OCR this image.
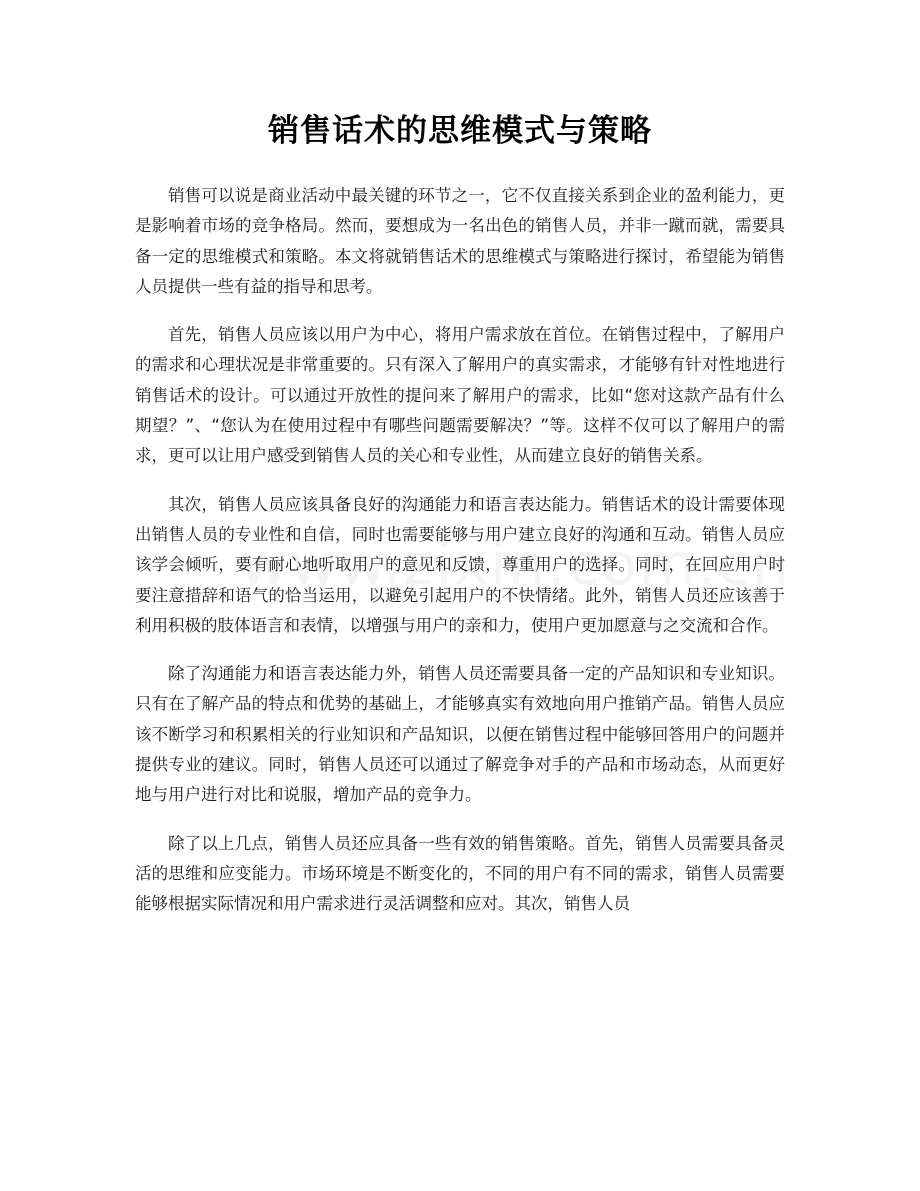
销售话术的思维模式与策略

销售可以说是商业活动中最关键的环节之一，它不仅直接关系到企业的盈利能力，更是影响着市场的竞争格局。然而，要想成为一名出色的销售人员，并非一蹴而就，需要具备一定的思维模式和策略。本文将就销售话术的思维模式与策略进行探讨，希望能为销售人员提供一些有益的指导和思考。

首先，销售人员应该以用户为中心，将用户需求放在首位。在销售过程中，了解用户的需求和心理状况是非常重要的。只有深入了解用户的真实需求，才能够有针对性地进行销售话术的设计。可以通过开放性的提问来了解用户的需求，比如“您对这款产品有什么期望？”、“您认为在使用过程中有哪些问题需要解决？”等。这样不仅可以了解用户的需求，更可以让用户感受到销售人员的关心和专业性，从而建立良好的销售关系。

其次，销售人员应该具备良好的沟通能力和语言表达能力。销售话术的设计需要体现出销售人员的专业性和自信，同时也需要能够与用户建立良好的沟通和互动。销售人员应该学会倾听，要有耐心地听取用户的意见和反馈，尊重用户的选择。同时，在回应用户时要注意措辞和语气的恰当运用，以避免引起用户的不快情绪。此外，销售人员还应该善于利用积极的肢体语言和表情，以增强与用户的亲和力，使用户更加愿意与之交流和合作。

除了沟通能力和语言表达能力外，销售人员还需要具备一定的产品知识和专业知识。只有在了解产品的特点和优势的基础上，才能够真实有效地向用户推销产品。销售人员应该不断学习和积累相关的行业知识和产品知识，以便在销售过程中能够回答用户的问题并提供专业的建议。同时，销售人员还可以通过了解竞争对手的产品和市场动态，从而更好地与用户进行对比和说服，增加产品的竞争力。

除了以上几点，销售人员还应具备一些有效的销售策略。首先，销售人员需要具备灵活的思维和应变能力。市场环境是不断变化的，不同的用户有不同的需求，销售人员需要能够根据实际情况和用户需求进行灵活调整和应对。其次，销售人员
